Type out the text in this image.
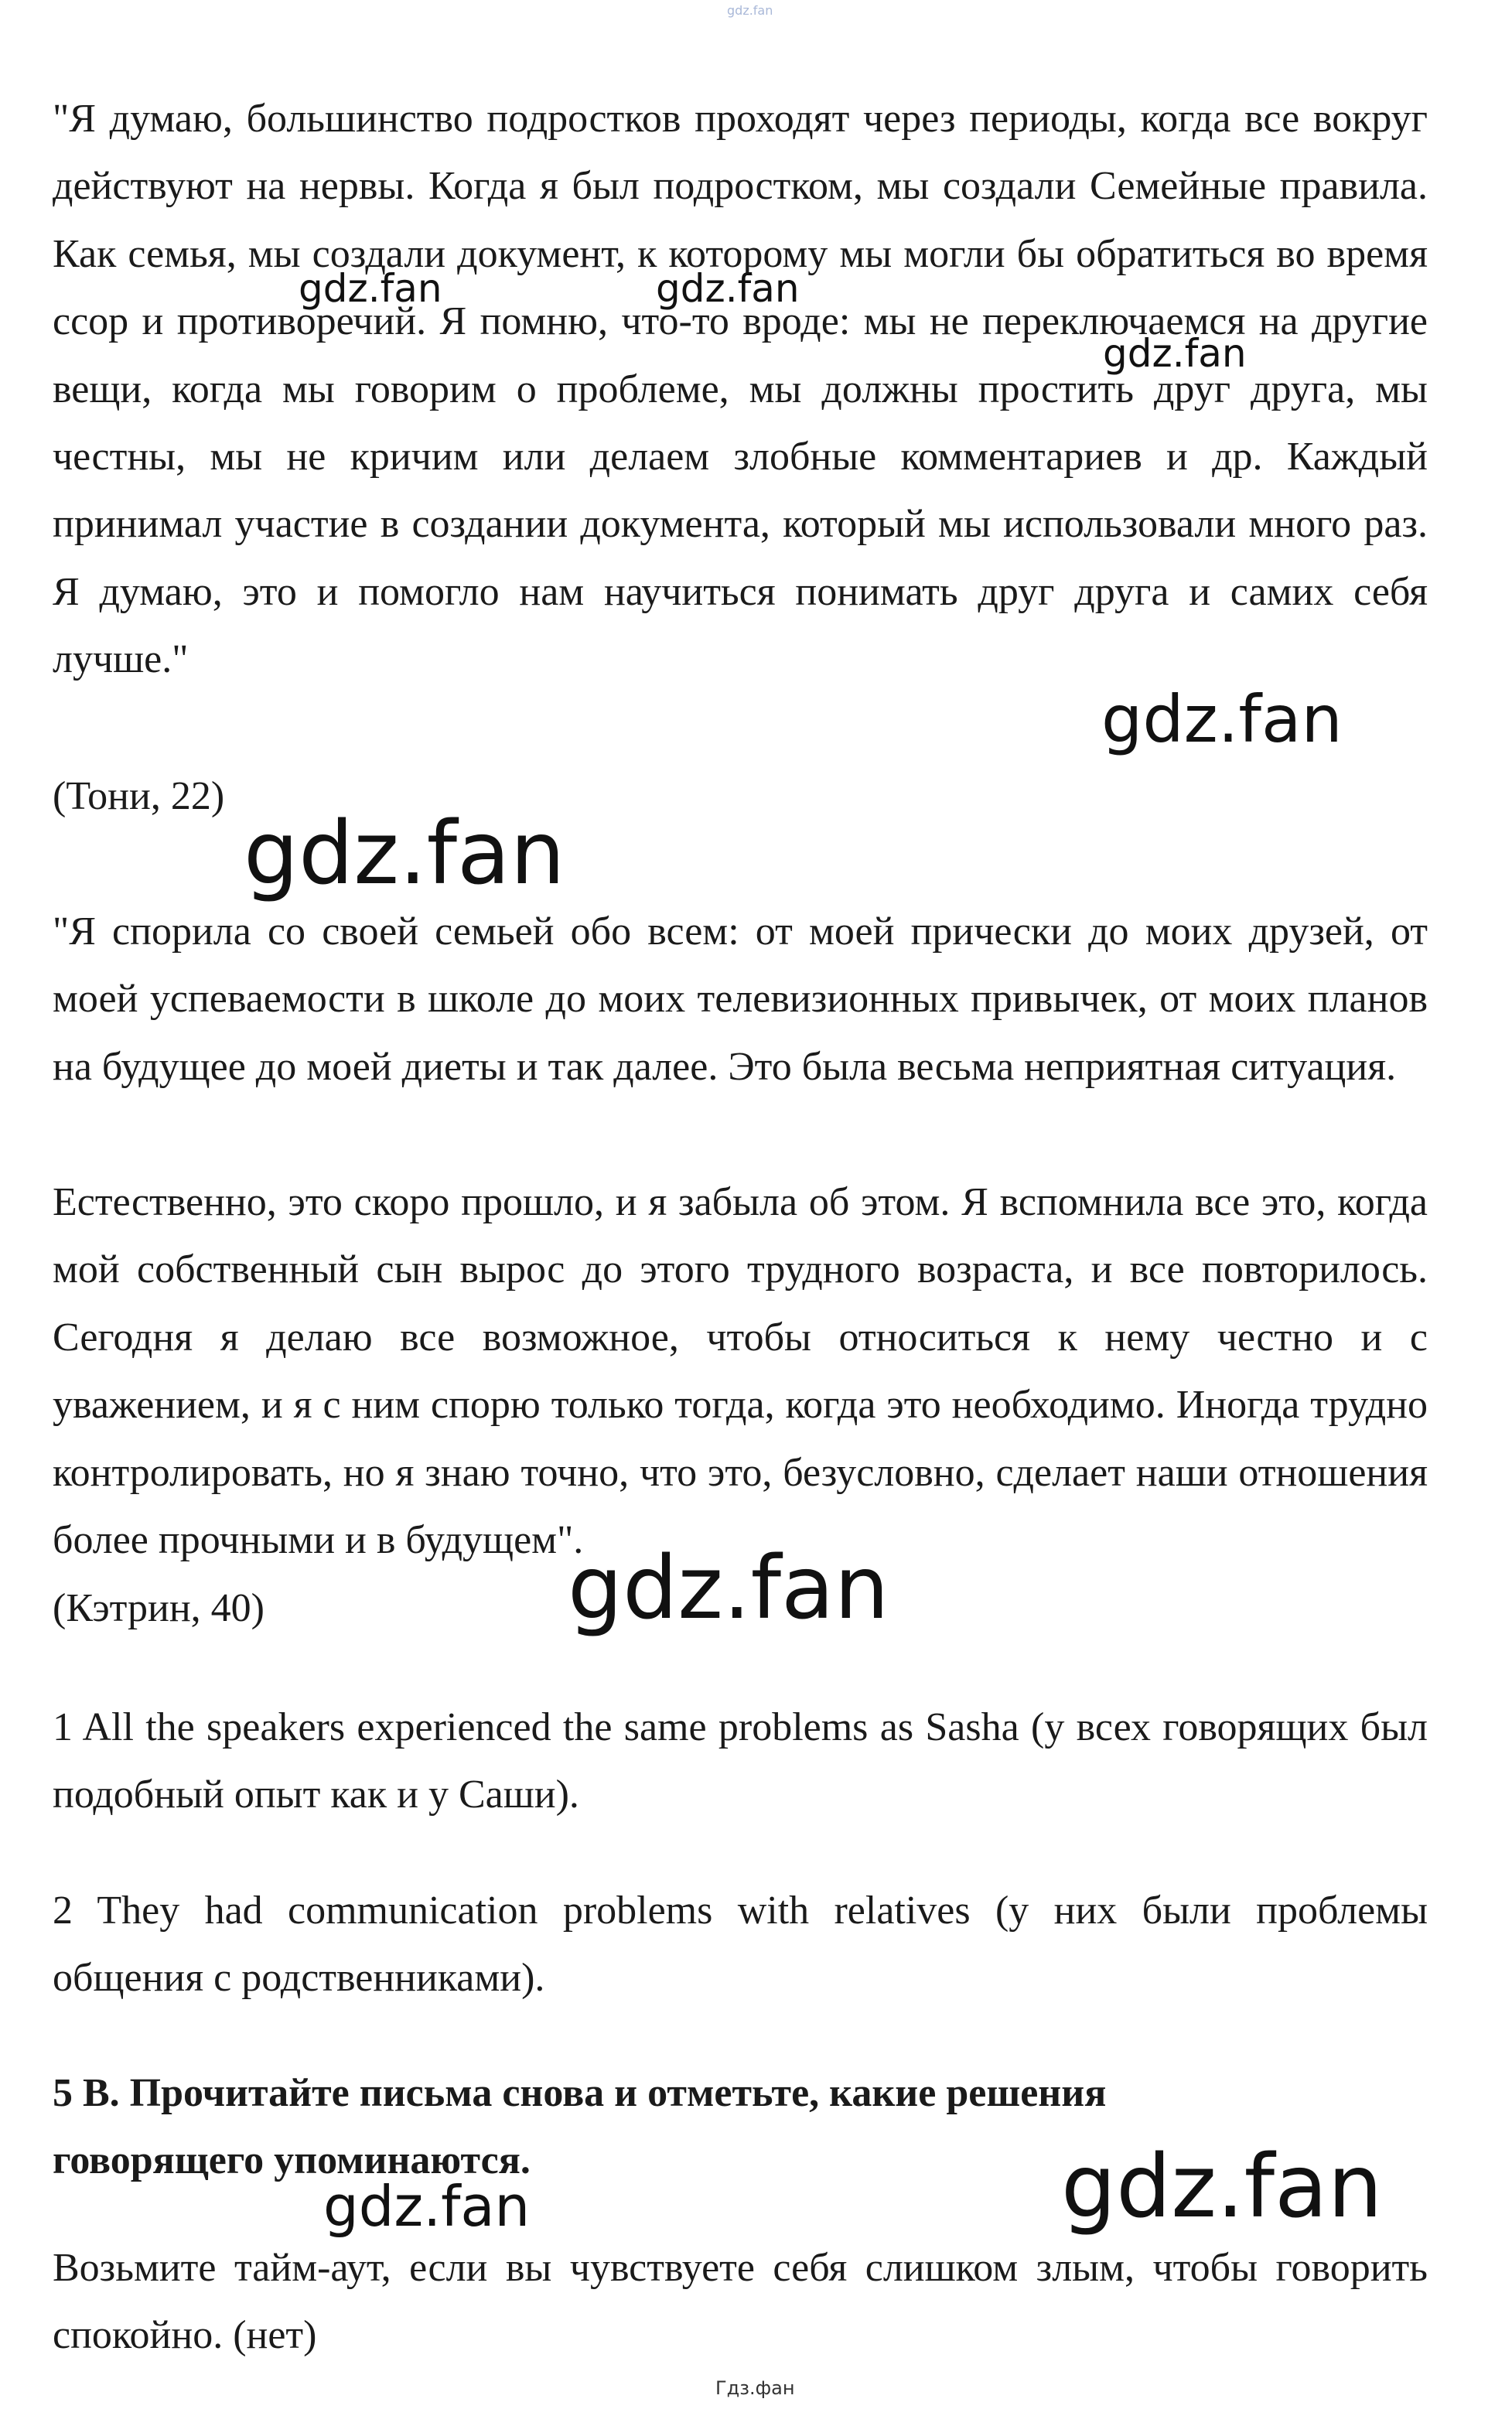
gdz.fan

"Я думаю, большинство подростков проходят через периоды, когда все вокруг действуют на нервы. Когда я был подростком, мы создали Семейные правила. Как семья, мы создали документ, к которому мы могли бы обратиться во время ссор и противоречий. Я помню, что-то вроде: мы не переключаемся на другие вещи, когда мы говорим о проблеме, мы должны простить друг друга, мы честны, мы не кричим или делаем злобные комментариев и др. Каждый принимал участие в создании документа, который мы использовали много раз. Я думаю, это и помогло нам научиться понимать друг друга и самих себя лучше."

(Тони, 22)

"Я спорила со своей семьей обо всем: от моей прически до моих друзей, от моей успеваемости в школе до моих телевизионных привычек, от моих планов на будущее до моей диеты и так далее. Это была весьма неприятная ситуация.

Естественно, это скоро прошло, и я забыла об этом. Я вспомнила все это, когда мой собственный сын вырос до этого трудного возраста, и все повторилось. Сегодня я делаю все возможное, чтобы относиться к нему честно и с уважением, и я с ним спорю только тогда, когда это необходимо. Иногда трудно контролировать, но я знаю точно, что это, безусловно, сделает наши отношения более прочными и в будущем".

(Кэтрин, 40)

1 All the speakers experienced the same problems as Sasha (у всех говорящих был подобный опыт как и у Саши).

2 They had communication problems with relatives (у них были проблемы общения с родственниками).

5 B. Прочитайте письма снова и отметьте, какие решения говорящего упоминаются.

Возьмите тайм-аут, если вы чувствуете себя слишком злым, чтобы говорить спокойно. (нет)

gdz.fan	gdz.fan
gdz.fan
gdz.fan
gdz.fan
gdz.fan
gdz.fan	gdz.fan
Гдз.фан
